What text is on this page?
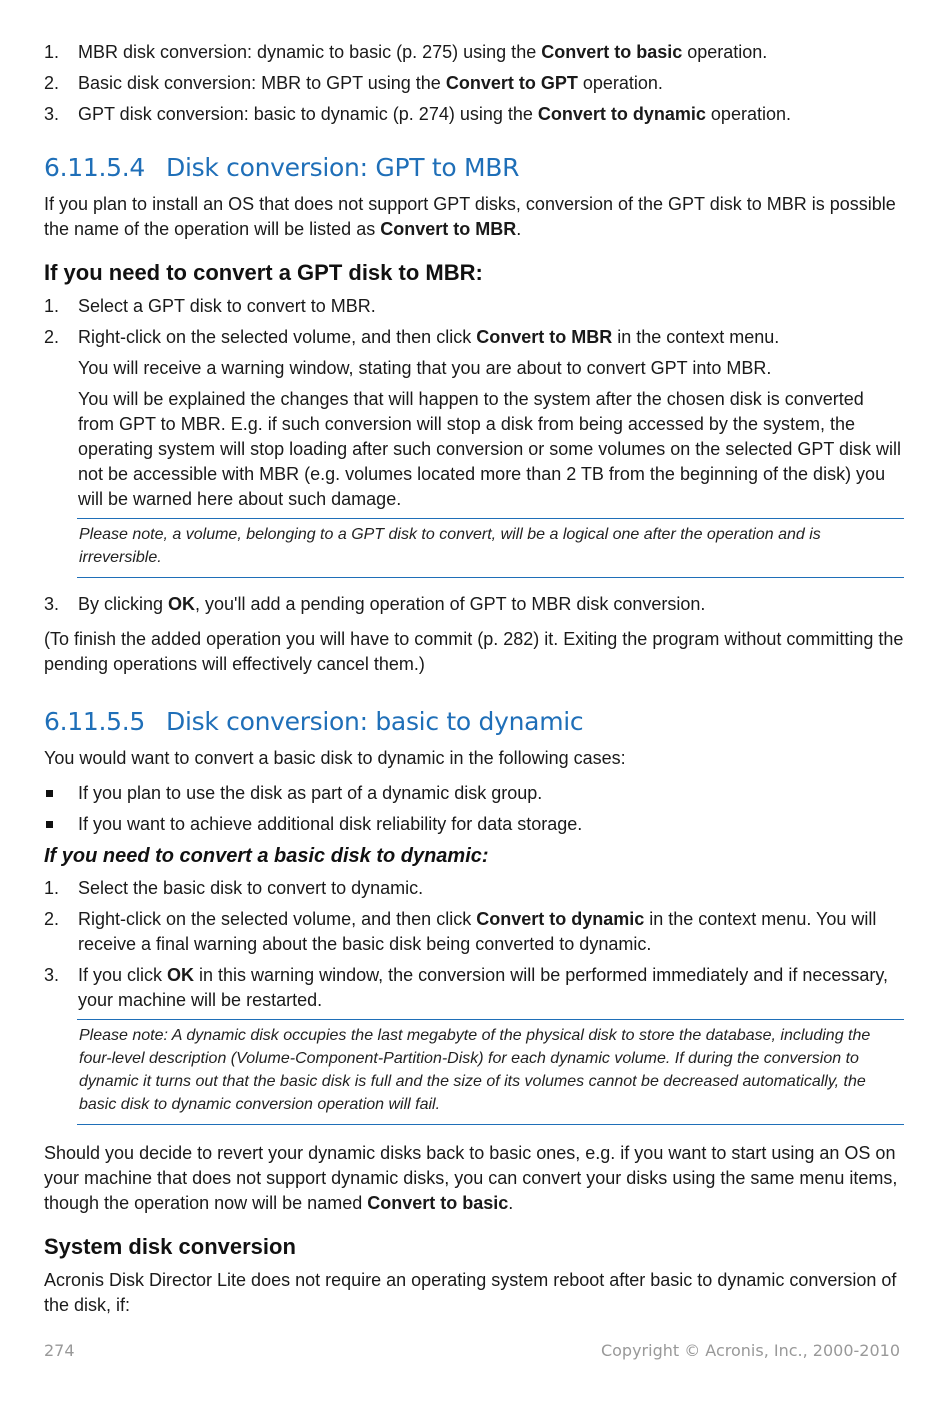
1. MBR disk conversion: dynamic to basic (p. 275) using the Convert to basic operation.
2. Basic disk conversion: MBR to GPT using the Convert to GPT operation.
3. GPT disk conversion: basic to dynamic (p. 274) using the Convert to dynamic operation.
6.11.5.4 Disk conversion: GPT to MBR

If you plan to install an OS that does not support GPT disks, conversion of the GPT disk to MBR is possible the name of the operation will be listed as Convert to MBR.

If you need to convert a GPT disk to MBR:
1. Select a GPT disk to convert to MBR.
2. Right-click on the selected volume, and then click Convert to MBR in the context menu.
You will receive a warning window, stating that you are about to convert GPT into MBR.
You will be explained the changes that will happen to the system after the chosen disk is converted from GPT to MBR. E.g. if such conversion will stop a disk from being accessed by the system, the operating system will stop loading after such conversion or some volumes on the selected GPT disk will not be accessible with MBR (e.g. volumes located more than 2 TB from the beginning of the disk) you will be warned here about such damage.
Please note, a volume, belonging to a GPT disk to convert, will be a logical one after the operation and is irreversible.
3. By clicking OK, you'll add a pending operation of GPT to MBR disk conversion.

(To finish the added operation you will have to commit (p. 282) it. Exiting the program without committing the pending operations will effectively cancel them.)

6.11.5.5 Disk conversion: basic to dynamic

You would want to convert a basic disk to dynamic in the following cases:

If you plan to use the disk as part of a dynamic disk group.
If you want to achieve additional disk reliability for data storage.
If you need to convert a basic disk to dynamic:
1. Select the basic disk to convert to dynamic.
2. Right-click on the selected volume, and then click Convert to dynamic in the context menu. You will receive a final warning about the basic disk being converted to dynamic.
3. If you click OK in this warning window, the conversion will be performed immediately and if necessary, your machine will be restarted.
Please note: A dynamic disk occupies the last megabyte of the physical disk to store the database, including the four-level description (Volume-Component-Partition-Disk) for each dynamic volume. If during the conversion to dynamic it turns out that the basic disk is full and the size of its volumes cannot be decreased automatically, the basic disk to dynamic conversion operation will fail.

Should you decide to revert your dynamic disks back to basic ones, e.g. if you want to start using an OS on your machine that does not support dynamic disks, you can convert your disks using the same menu items, though the operation now will be named Convert to basic.

System disk conversion

Acronis Disk Director Lite does not require an operating system reboot after basic to dynamic conversion of the disk, if:

274	Copyright © Acronis, Inc., 2000-2010
